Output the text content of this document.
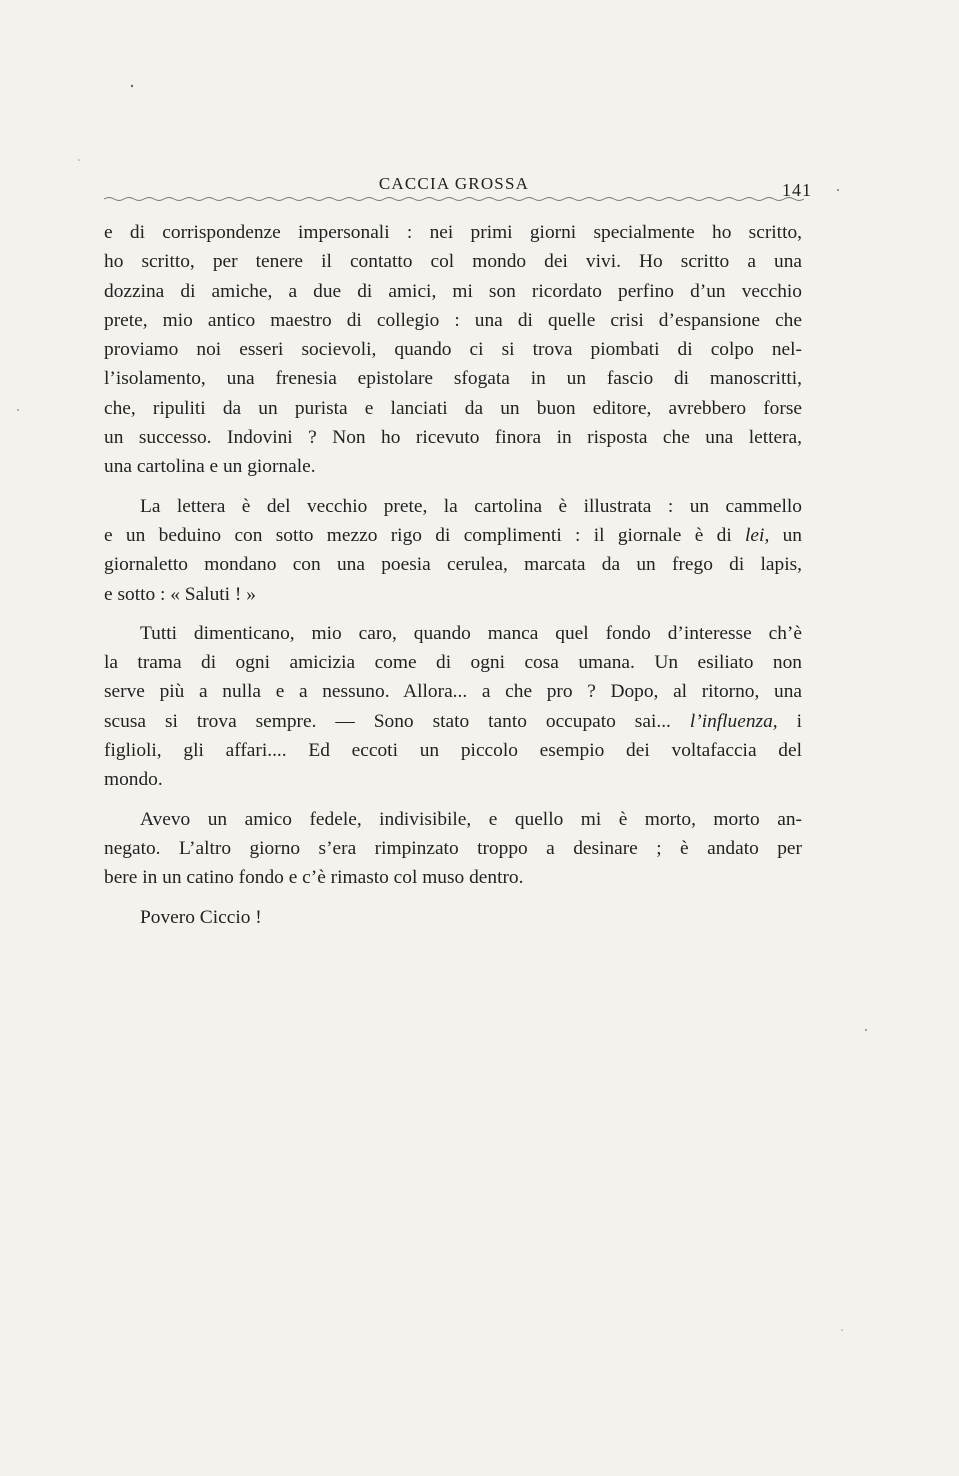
CACCIA GROSSA	141
e di corrispondenze impersonali : nei primi giorni specialmente ho scritto,
ho scritto, per tenere il contatto col mondo dei vivi. Ho scritto a una
dozzina di amiche, a due di amici, mi son ricordato perfino d’un vecchio
prete, mio antico maestro di collegio : una di quelle crisi d’espansione che
proviamo noi esseri socievoli, quando ci si trova piombati di colpo nel-
l’isolamento, una frenesia epistolare sfogata in un fascio di manoscritti,
che, ripuliti da un purista e lanciati da un buon editore, avrebbero forse
un successo. Indovini ? Non ho ricevuto finora in risposta che una lettera,
una cartolina e un giornale.
La lettera è del vecchio prete, la cartolina è illustrata : un cammello
e un beduino con sotto mezzo rigo di complimenti : il giornale è di lei, un
giornaletto mondano con una poesia cerulea, marcata da un frego di lapis,
e sotto : « Saluti ! »
Tutti dimenticano, mio caro, quando manca quel fondo d’interesse ch’è
la trama di ogni amicizia come di ogni cosa umana. Un esiliato non
serve più a nulla e a nessuno. Allora... a che pro ? Dopo, al ritorno, una
scusa si trova sempre. — Sono stato tanto occupato sai... l’influenza, i
figlioli, gli affari.... Ed eccoti un piccolo esempio dei voltafaccia del
mondo.
Avevo un amico fedele, indivisibile, e quello mi è morto, morto an-
negato. L’altro giorno s’era rimpinzato troppo a desinare ; è andato per
bere in un catino fondo e c’è rimasto col muso dentro.
Povero Ciccio !
